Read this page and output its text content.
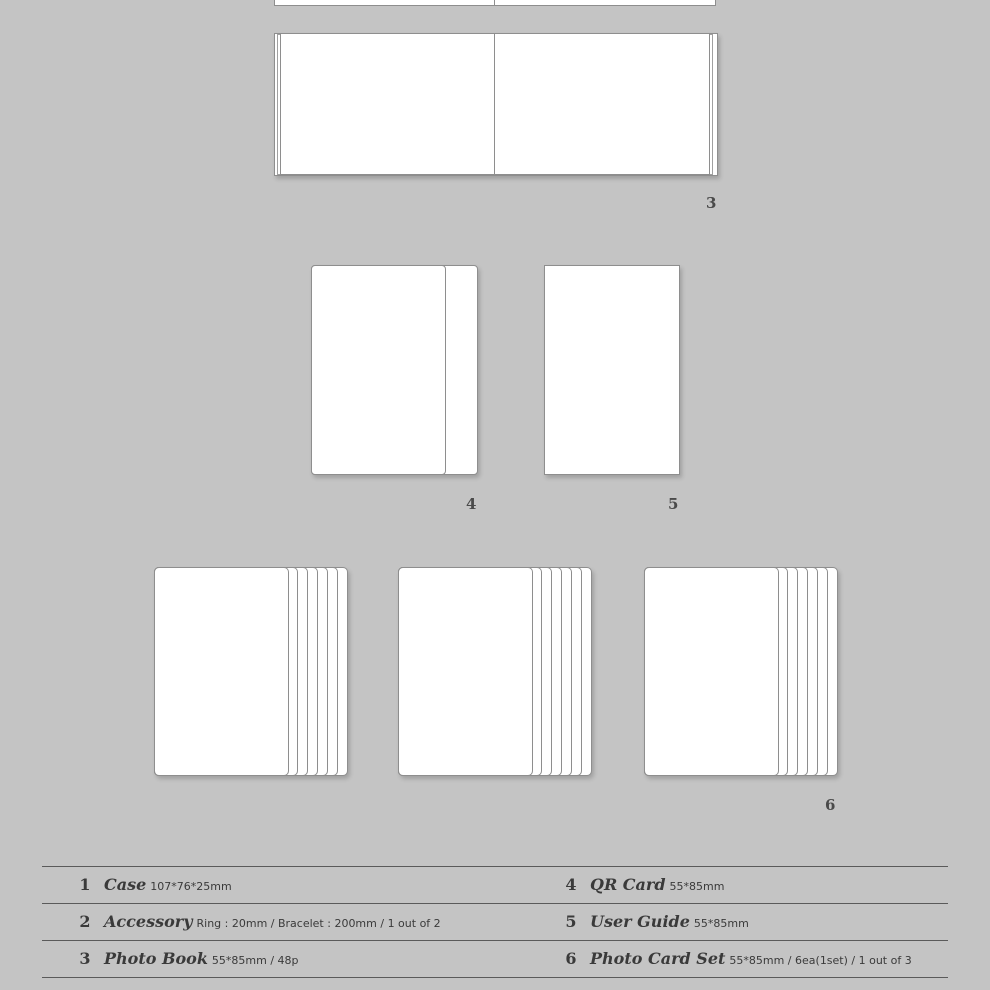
3
4	5
6
1 Case 107*76*25mm
2 Accessory Ring : 20mm / Bracelet : 200mm / 1 out of 2
3 Photo Book 55*85mm / 48p
4 QR Card 55*85mm
5 User Guide 55*85mm
6 Photo Card Set 55*85mm / 6ea(1set) / 1 out of 3
